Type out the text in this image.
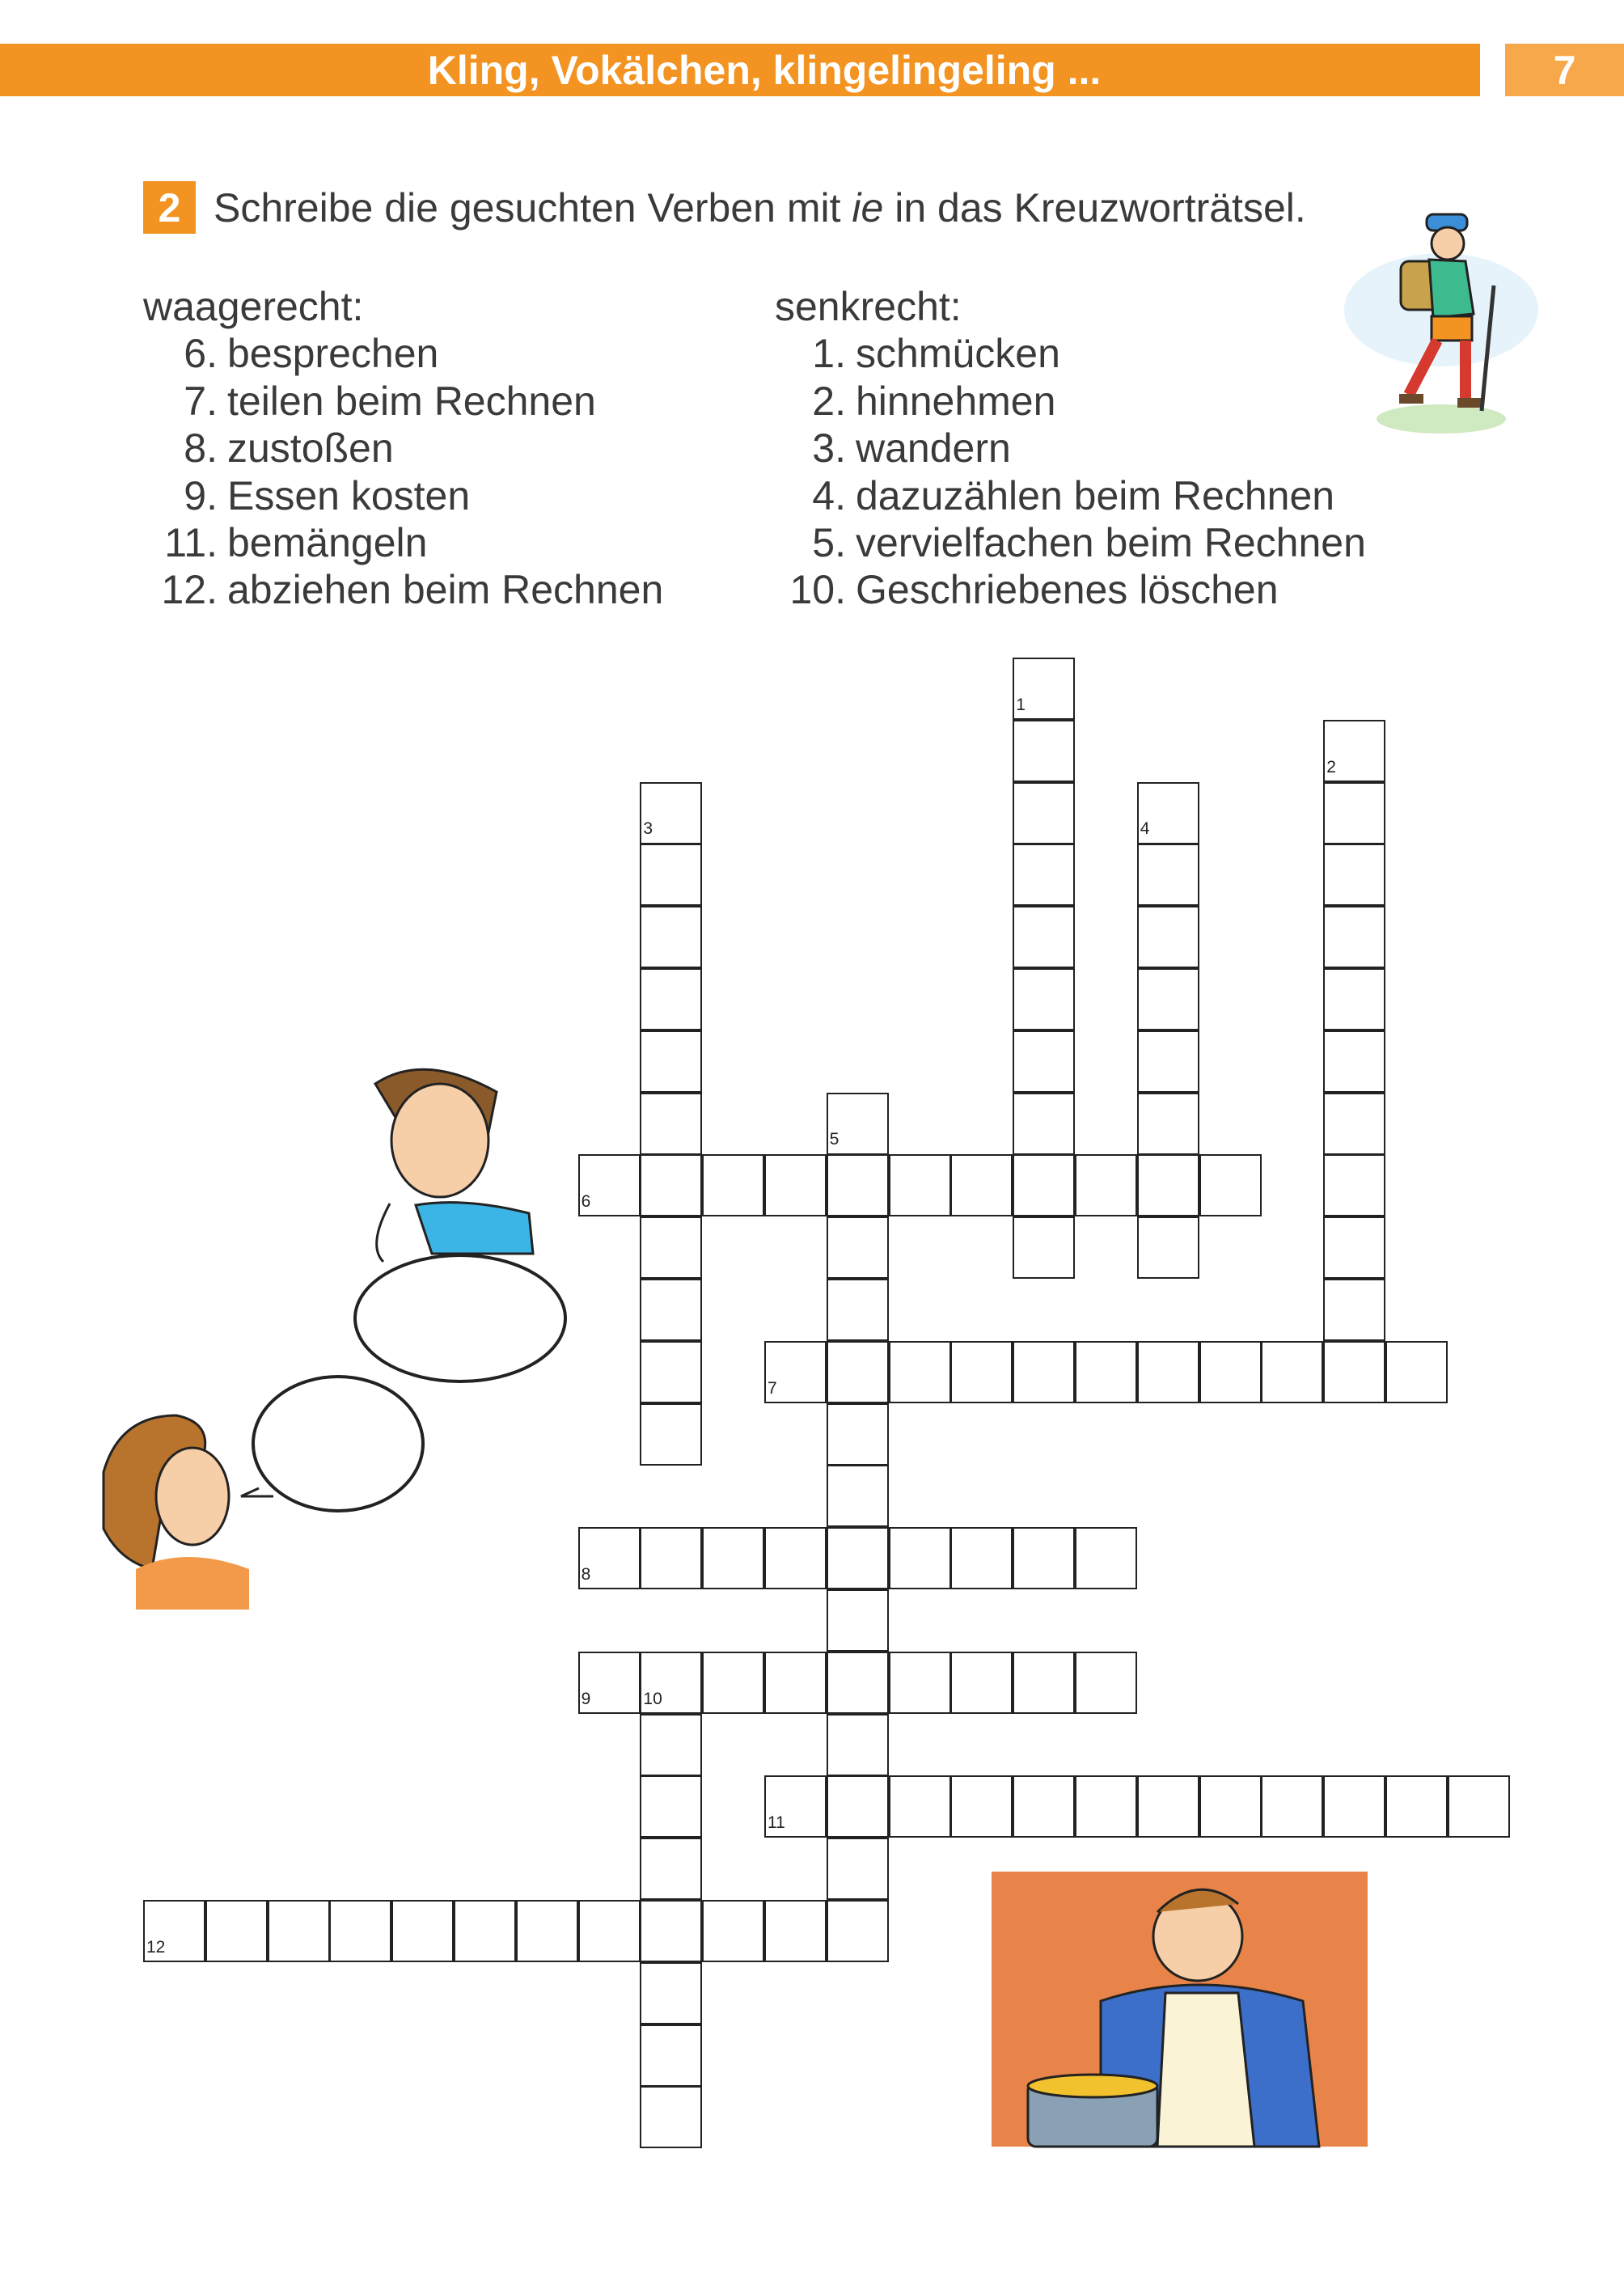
Kling, Vokälchen, klingelingeling ...	7
2 Schreibe die gesuchten Verben mit ie in das Kreuzworträtsel.
waagerecht:
6. besprechen
7. teilen beim Rechnen
8. zustoßen
9. Essen kosten
11. bemängeln
12. abziehen beim Rechnen
senkrecht:
1. schmücken
2. hinnehmen
3. wandern
4. dazuzählen beim Rechnen
5. vervielfachen beim Rechnen
10. Geschriebenes löschen
1
2
3	4
5
6
7
8
9	10
11
12
